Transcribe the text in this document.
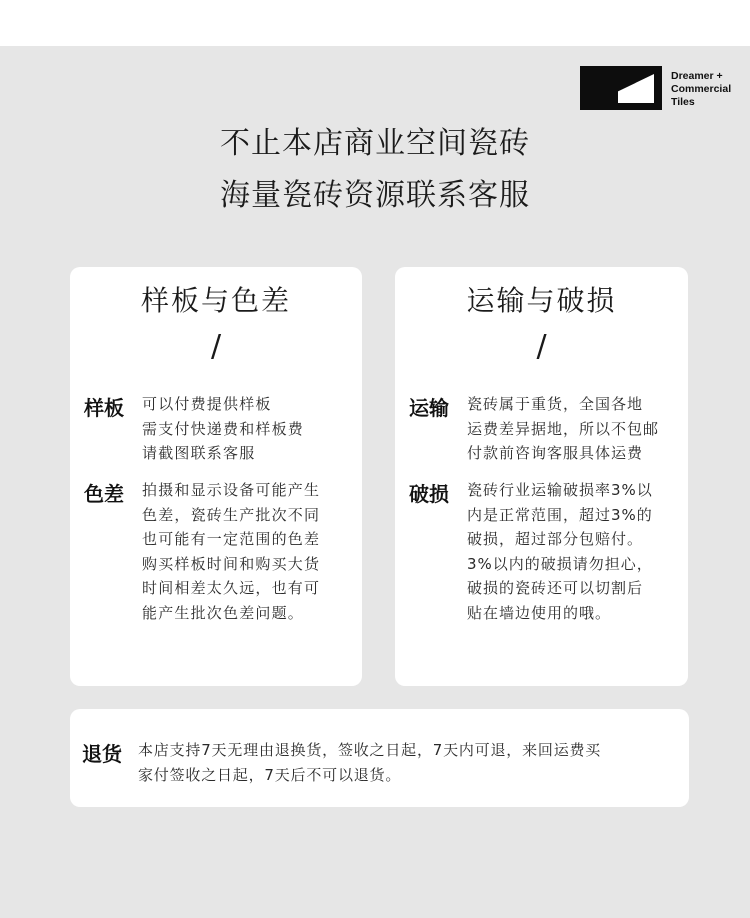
Dreamer +
Commercial
Tiles
不止本店商业空间瓷砖
海量瓷砖资源联系客服
样板与色差
/
样板 可以付费提供样板
需支付快递费和样板费
请截图联系客服
色差 拍摄和显示设备可能产生
色差，瓷砖生产批次不同
也可能有一定范围的色差
购买样板时间和购买大货
时间相差太久远，也有可
能产生批次色差问题。
运输与破损
/
运输 瓷砖属于重货，全国各地
运费差异据地，所以不包邮
付款前咨询客服具体运费
破损 瓷砖行业运输破损率3%以
内是正常范围，超过3%的
破损，超过部分包赔付。
3%以内的破损请勿担心，
破损的瓷砖还可以切割后
贴在墙边使用的哦。
退货 本店支持7天无理由退换货，签收之日起，7天内可退，来回运费买
家付签收之日起，7天后不可以退货。
